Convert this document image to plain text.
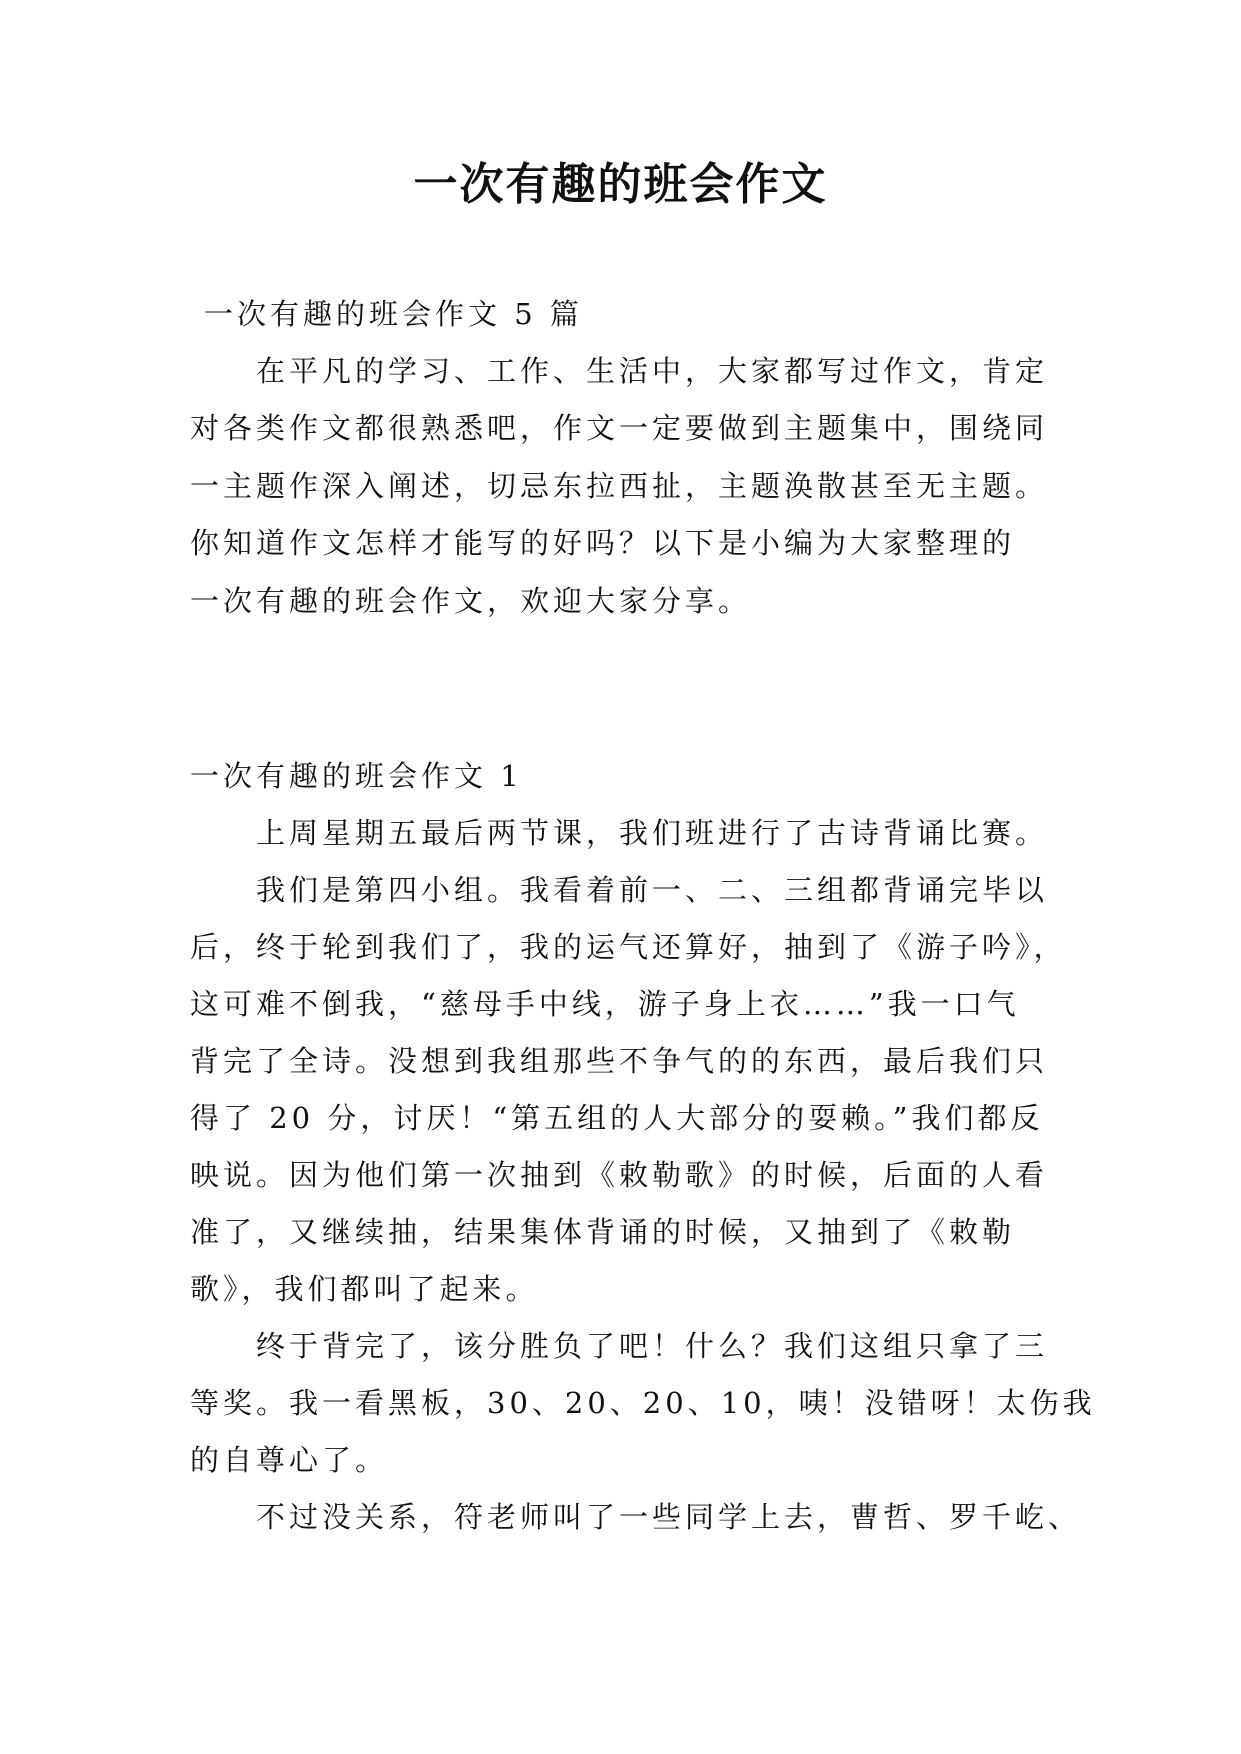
一次有趣的班会作文
一次有趣的班会作文 5 篇
在平凡的学习、工作、生活中，大家都写过作文，肯定
对各类作文都很熟悉吧，作文一定要做到主题集中，围绕同
一主题作深入阐述，切忌东拉西扯，主题涣散甚至无主题。
你知道作文怎样才能写的好吗？以下是小编为大家整理的
一次有趣的班会作文，欢迎大家分享。
一次有趣的班会作文 1
上周星期五最后两节课，我们班进行了古诗背诵比赛。
我们是第四小组。我看着前一、二、三组都背诵完毕以
后，终于轮到我们了，我的运气还算好，抽到了《游子吟》，
这可难不倒我，“慈母手中线，游子身上衣……”我一口气
背完了全诗。没想到我组那些不争气的的东西，最后我们只
得了 20 分，讨厌！“第五组的人大部分的耍赖。”我们都反
映说。因为他们第一次抽到《敕勒歌》的时候，后面的人看
准了，又继续抽，结果集体背诵的时候，又抽到了《敕勒
歌》，我们都叫了起来。
终于背完了，该分胜负了吧！什么？我们这组只拿了三
等奖。我一看黑板，30、20、20、10，咦！没错呀！太伤我
的自尊心了。
不过没关系，符老师叫了一些同学上去，曹哲、罗千屹、
